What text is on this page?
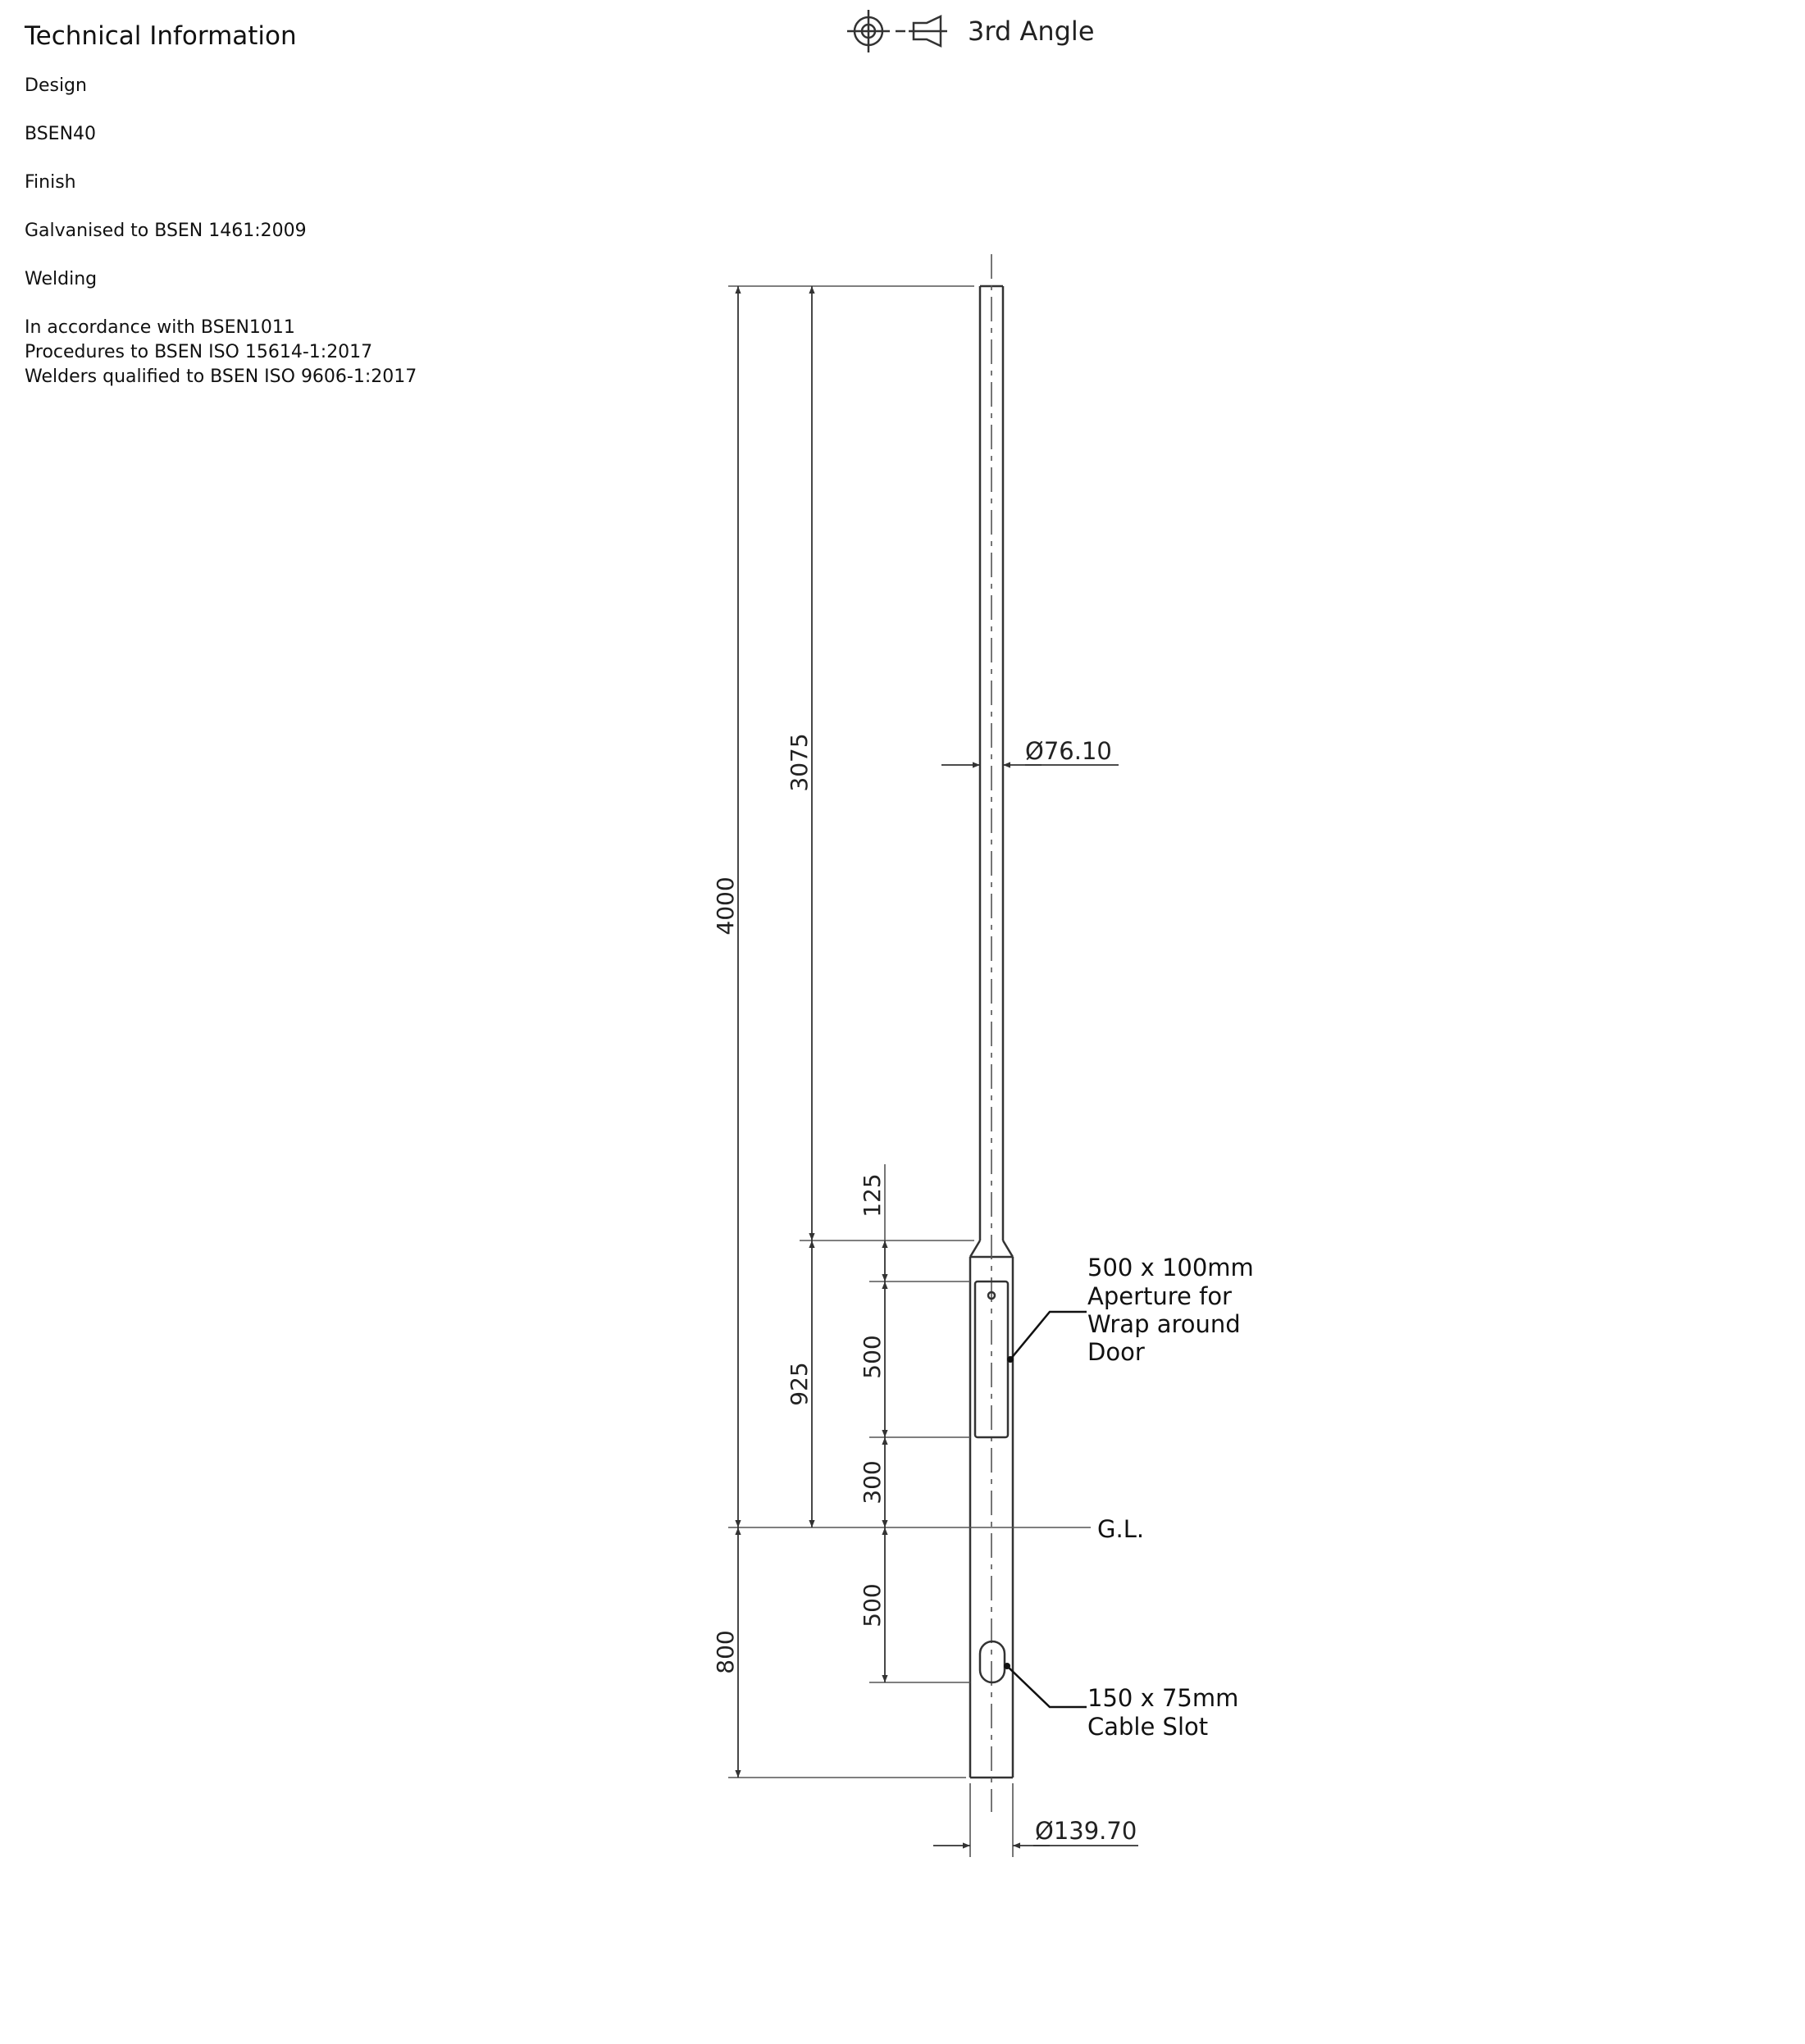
Technical Information

Design

BSEN40

Finish

Galvanised to BSEN 1461:2009

Welding

In accordance with BSEN1011

Procedures to BSEN ISO 15614-1:2017

Welders qualified to BSEN ISO 9606-1:2017

3rd Angle
4000
800
3075
925
125
500
300
500
Ø76.10
Ø139.70
G.L.
500 x 100mm
Aperture for
Wrap around
Door
150 x 75mm
Cable Slot
